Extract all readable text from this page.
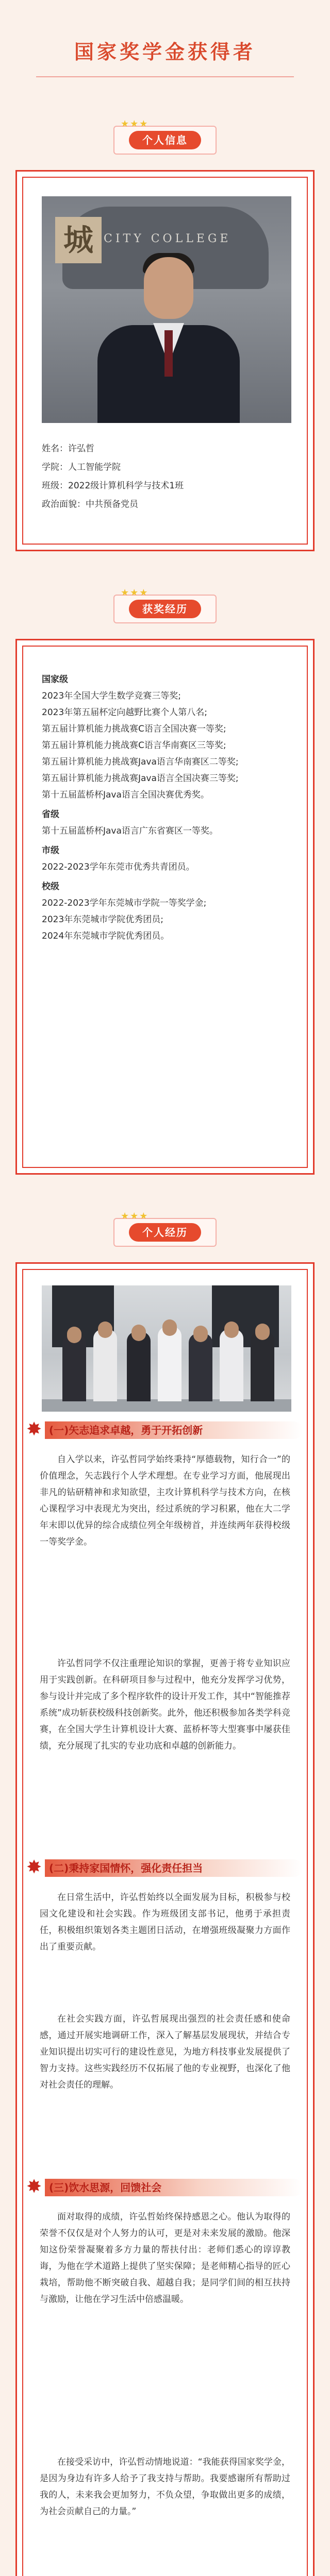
国家奖学金获得者
★★★
个人信息
CITY COLLEGE
城
姓名：许弘哲
学院：人工智能学院
班级：2022级计算机科学与技术1班
政治面貌：中共预备党员
★★★
获奖经历
国家级
2023年全国大学生数学竞赛三等奖;
2023年第五届杯定向越野比赛个人第八名;
第五届计算机能力挑战赛C语言全国决赛一等奖;
第五届计算机能力挑战赛C语言华南赛区三等奖;
第五届计算机能力挑战赛Java语言华南赛区二等奖;
第五届计算机能力挑战赛Java语言全国决赛三等奖;
第十五届蓝桥杯Java语言全国决赛优秀奖。
省级
第十五届蓝桥杯Java语言广东省赛区一等奖。
市级
2022-2023学年东莞市优秀共青团员。
校级
2022-2023学年东莞城市学院一等奖学金;
2023年东莞城市学院优秀团员;
2024年东莞城市学院优秀团员。
★★★
个人经历
✸ (一)矢志追求卓越，勇于开拓创新
自入学以来，许弘哲同学始终秉持“厚德载物，知行合一”的价值理念，矢志践行个人学术理想。在专业学习方面，他展现出非凡的钻研精神和求知欲望，主攻计算机科学与技术方向，在核心课程学习中表现尤为突出，经过系统的学习积累，他在大二学年末即以优异的综合成绩位列全年级榜首，并连续两年获得校级一等奖学金。
许弘哲同学不仅注重理论知识的掌握，更善于将专业知识应用于实践创新。在科研项目参与过程中，他充分发挥学习优势，参与设计并完成了多个程序软件的设计开发工作，其中“智能推荐系统”成功斩获校级科技创新奖。此外，他还积极参加各类学科竞赛，在全国大学生计算机设计大赛、蓝桥杯等大型赛事中屡获佳绩，充分展现了扎实的专业功底和卓越的创新能力。
✸ (二)秉持家国情怀，强化责任担当
在日常生活中，许弘哲始终以全面发展为目标，积极参与校园文化建设和社会实践。作为班级团支部书记，他勇于承担责任，积极组织策划各类主题团日活动，在增强班级凝聚力方面作出了重要贡献。
在社会实践方面，许弘哲展现出强烈的社会责任感和使命感，通过开展实地调研工作，深入了解基层发展现状，并结合专业知识提出切实可行的建设性意见，为地方科技事业发展提供了智力支持。这些实践经历不仅拓展了他的专业视野，也深化了他对社会责任的理解。
✸ (三)饮水思源，回馈社会
面对取得的成绩，许弘哲始终保持感恩之心。他认为取得的荣誉不仅仅是对个人努力的认可，更是对未来发展的激励。他深知这份荣誉凝聚着多方力量的帮扶付出：老师们悉心的谆谆教诲，为他在学术道路上提供了坚实保障；是老师精心指导的匠心栽培，帮助他不断突破自我、超越自我；是同学们间的相互扶持与激励，让他在学习生活中倍感温暖。
在接受采访中，许弘哲动情地说道：“我能获得国家奖学金，是因为身边有许多人给予了我支持与帮助。我要感谢所有帮助过我的人，未来我会更加努力，不负众望，争取做出更多的成绩，为社会贡献自己的力量。”
